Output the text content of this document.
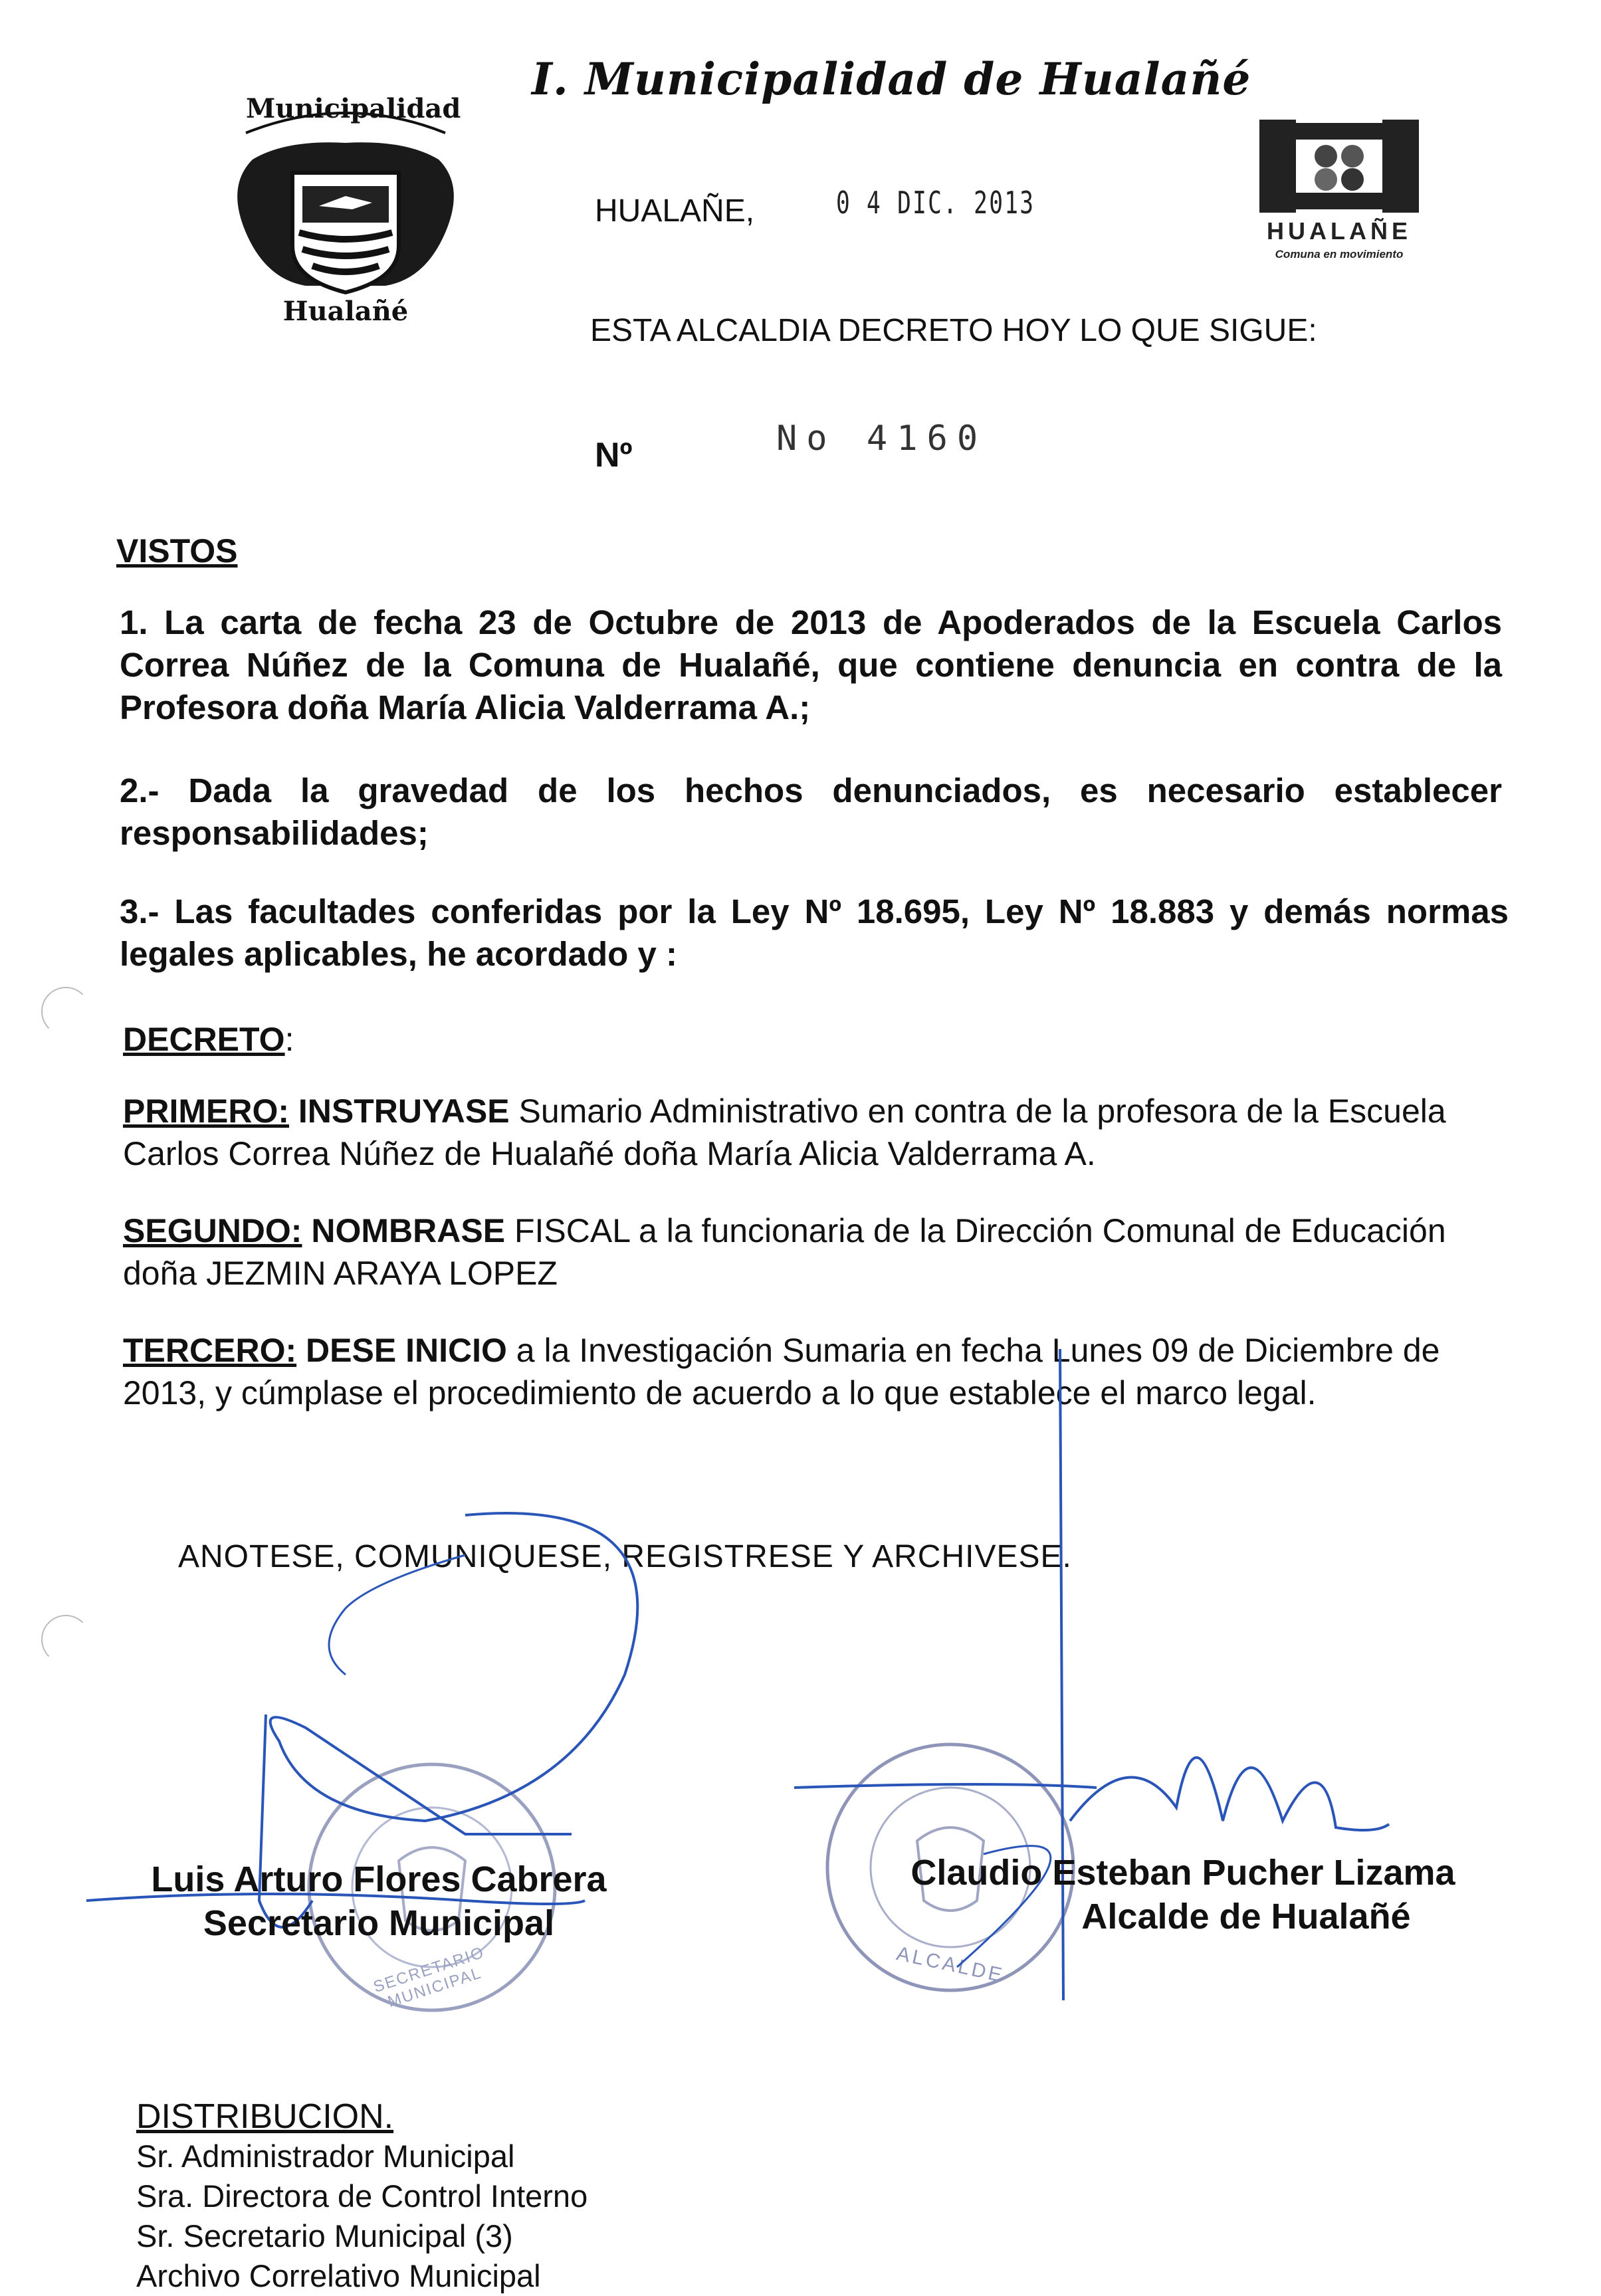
Municipalidad
Hualañé
I. Municipalidad de Hualañé
HUALAÑE,	0 4 DIC. 2013
ESTA ALCALDIA DECRETO HOY LO QUE SIGUE:
Nº	No 4160
HUALAÑE
Comuna en movimiento
VISTOS
1. La carta de fecha 23 de Octubre de 2013 de Apoderados de la Escuela Carlos Correa Núñez de la Comuna de Hualañé, que contiene denuncia en contra de la Profesora doña María Alicia Valderrama A.;
2.- Dada la gravedad de los hechos denunciados, es necesario establecer responsabilidades;
3.- Las facultades conferidas por la Ley Nº 18.695, Ley Nº 18.883 y demás normas legales aplicables, he acordado y :
DECRETO:
PRIMERO: INSTRUYASE Sumario Administrativo en contra de la profesora de la Escuela Carlos Correa Núñez de Hualañé doña María Alicia Valderrama A.
SEGUNDO: NOMBRASE FISCAL a la funcionaria de la Dirección Comunal de Educación doña JEZMIN ARAYA LOPEZ
TERCERO: DESE INICIO a la Investigación Sumaria en fecha Lunes 09 de Diciembre de 2013, y cúmplase el procedimiento de acuerdo a lo que establece el marco legal.
ANOTESE, COMUNIQUESE, REGISTRESE Y ARCHIVESE.
SECRETARIO MUNICIPAL	ALCALDE
Luis Arturo Flores Cabrera
Secretario Municipal
Claudio Esteban Pucher Lizama
Alcalde de Hualañé
DISTRIBUCION.
Sr. Administrador Municipal
Sra. Directora de Control Interno
Sr. Secretario Municipal (3)
Archivo Correlativo Municipal
